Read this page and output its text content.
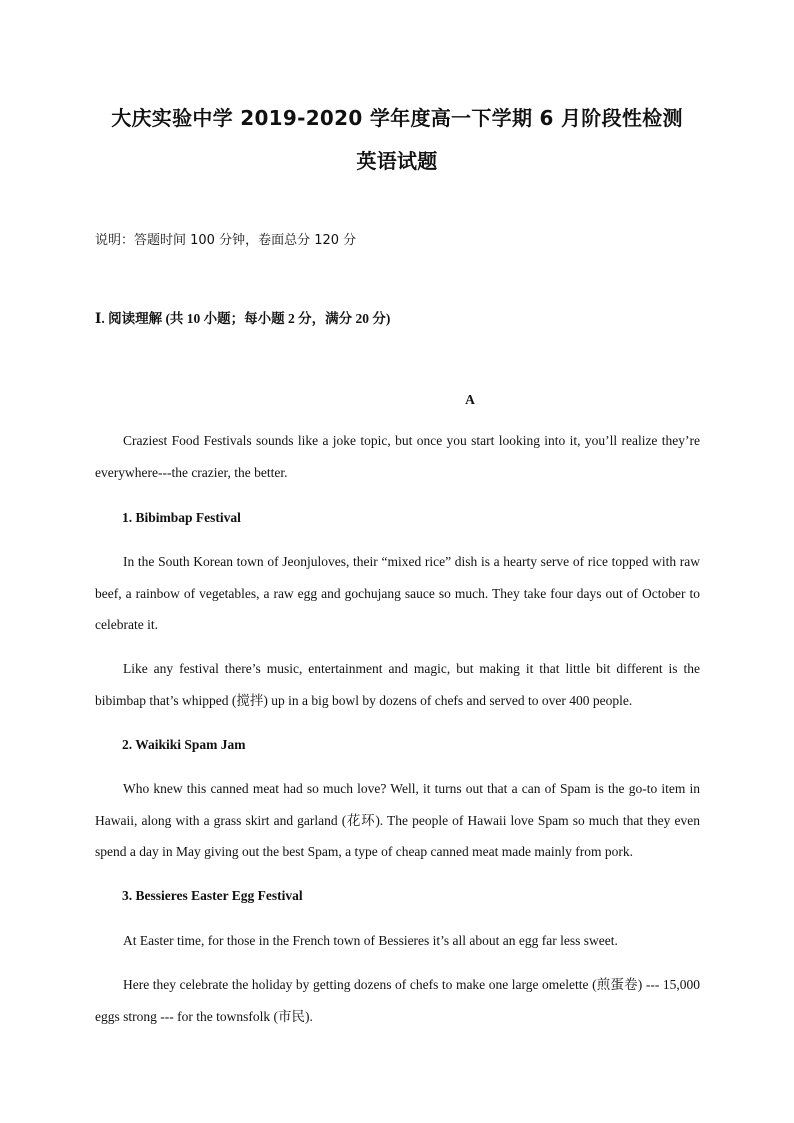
大庆实验中学 2019-2020 学年度高一下学期 6 月阶段性检测
英语试题
说明：答题时间 100 分钟，卷面总分 120 分
Ⅰ. 阅读理解 (共 10 小题；每小题 2 分，满分 20 分)
A

Craziest Food Festivals sounds like a joke topic, but once you start looking into it, you’ll realize they’re everywhere---the crazier, the better.

1. Bibimbap Festival

In the South Korean town of Jeonjuloves, their “mixed rice” dish is a hearty serve of rice topped with raw beef, a rainbow of vegetables, a raw egg and gochujang sauce so much. They take four days out of October to celebrate it.

Like any festival there’s music, entertainment and magic, but making it that little bit different is the bibimbap that’s whipped (搅拌) up in a big bowl by dozens of chefs and served to over 400 people.

2. Waikiki Spam Jam

Who knew this canned meat had so much love? Well, it turns out that a can of Spam is the go-to item in Hawaii, along with a grass skirt and garland (花环). The people of Hawaii love Spam so much that they even spend a day in May giving out the best Spam, a type of cheap canned meat made mainly from pork.

3. Bessieres Easter Egg Festival

At Easter time, for those in the French town of Bessieres it’s all about an egg far less sweet.

Here they celebrate the holiday by getting dozens of chefs to make one large omelette (煎蛋卷) --- 15,000 eggs strong --- for the townsfolk (市民).
